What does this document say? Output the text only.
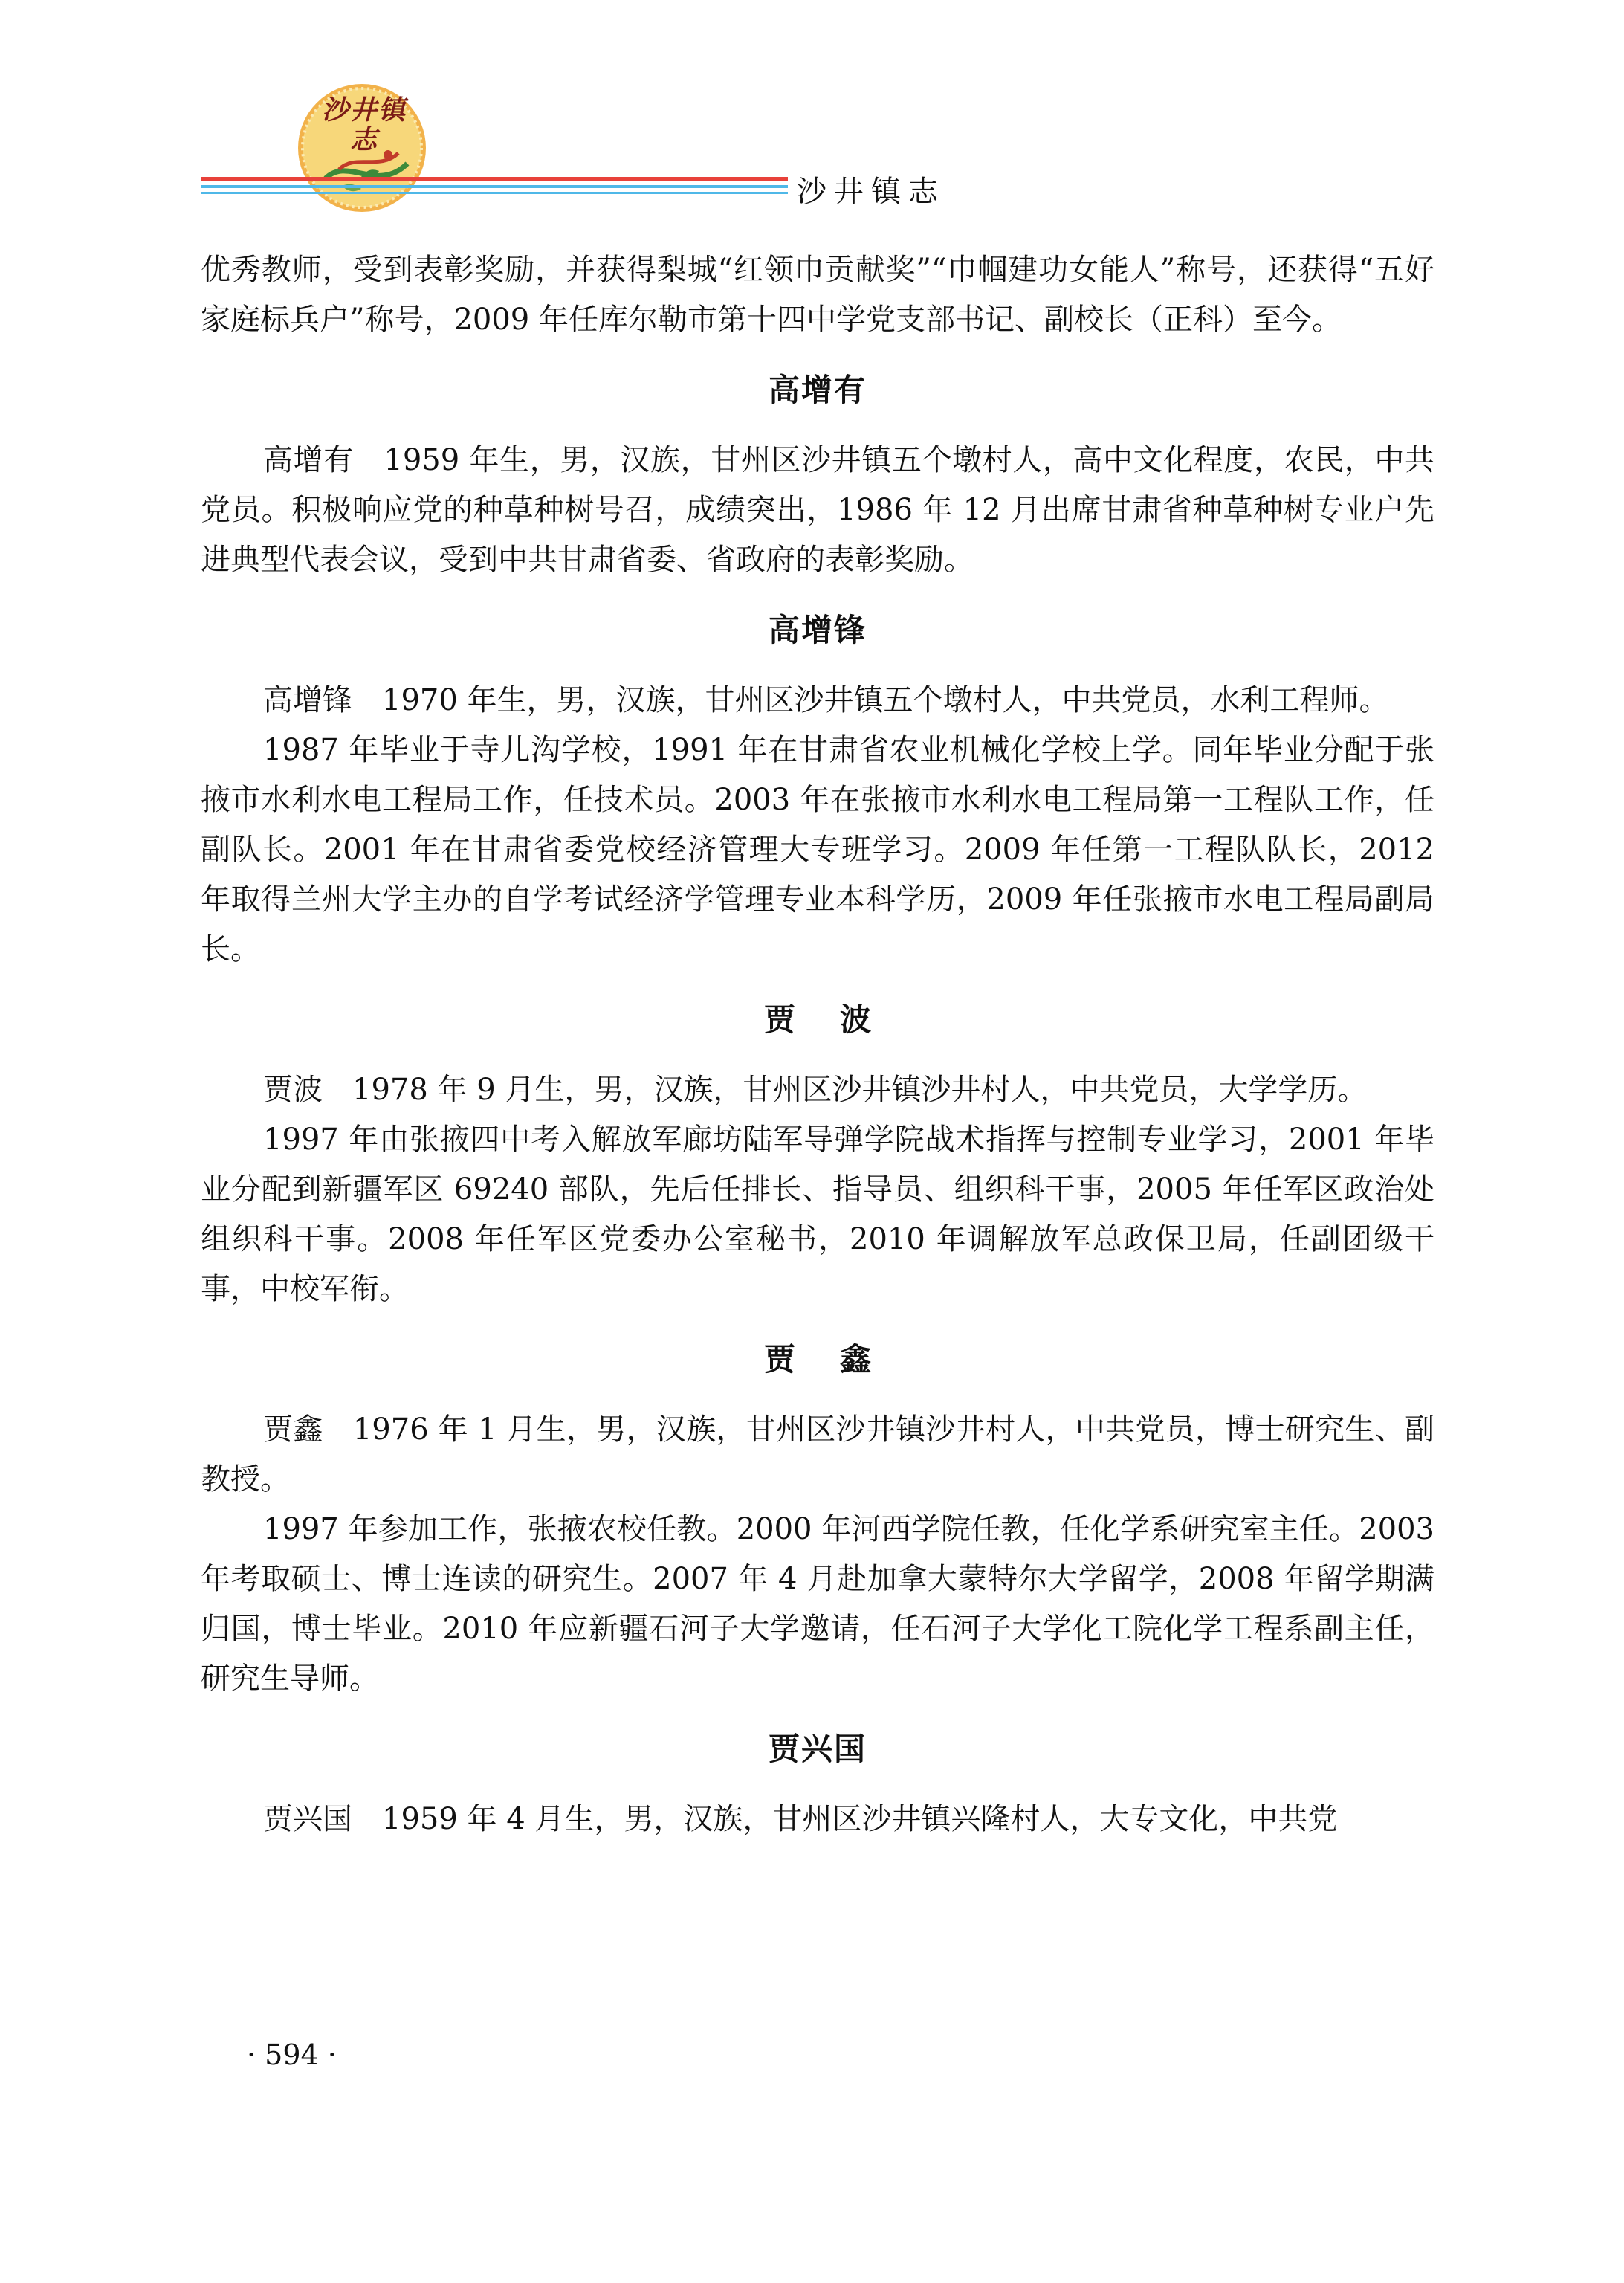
沙井镇志
沙井镇志

优秀教师，受到表彰奖励，并获得梨城“红领巾贡献奖”“巾帼建功女能人”称号，还获得“五好家庭标兵户”称号，2009 年任库尔勒市第十四中学党支部书记、副校长（正科）至今。

高增有

高增有　1959 年生，男，汉族，甘州区沙井镇五个墩村人，高中文化程度，农民，中共党员。积极响应党的种草种树号召，成绩突出，1986 年 12 月出席甘肃省种草种树专业户先进典型代表会议，受到中共甘肃省委、省政府的表彰奖励。

高增锋

高增锋　1970 年生，男，汉族，甘州区沙井镇五个墩村人，中共党员，水利工程师。

1987 年毕业于寺儿沟学校，1991 年在甘肃省农业机械化学校上学。同年毕业分配于张掖市水利水电工程局工作，任技术员。2003 年在张掖市水利水电工程局第一工程队工作，任副队长。2001 年在甘肃省委党校经济管理大专班学习。2009 年任第一工程队队长，2012 年取得兰州大学主办的自学考试经济学管理专业本科学历，2009 年任张掖市水电工程局副局长。

贾波

贾波　1978 年 9 月生，男，汉族，甘州区沙井镇沙井村人，中共党员，大学学历。

1997 年由张掖四中考入解放军廊坊陆军导弹学院战术指挥与控制专业学习，2001 年毕业分配到新疆军区 69240 部队，先后任排长、指导员、组织科干事，2005 年任军区政治处组织科干事。2008 年任军区党委办公室秘书，2010 年调解放军总政保卫局，任副团级干事，中校军衔。

贾鑫

贾鑫　1976 年 1 月生，男，汉族，甘州区沙井镇沙井村人，中共党员，博士研究生、副教授。

1997 年参加工作，张掖农校任教。2000 年河西学院任教，任化学系研究室主任。2003 年考取硕士、博士连读的研究生。2007 年 4 月赴加拿大蒙特尔大学留学，2008 年留学期满归国，博士毕业。2010 年应新疆石河子大学邀请，任石河子大学化工院化学工程系副主任，研究生导师。

贾兴国

贾兴国　1959 年 4 月生，男，汉族，甘州区沙井镇兴隆村人，大专文化，中共党

· 594 ·
